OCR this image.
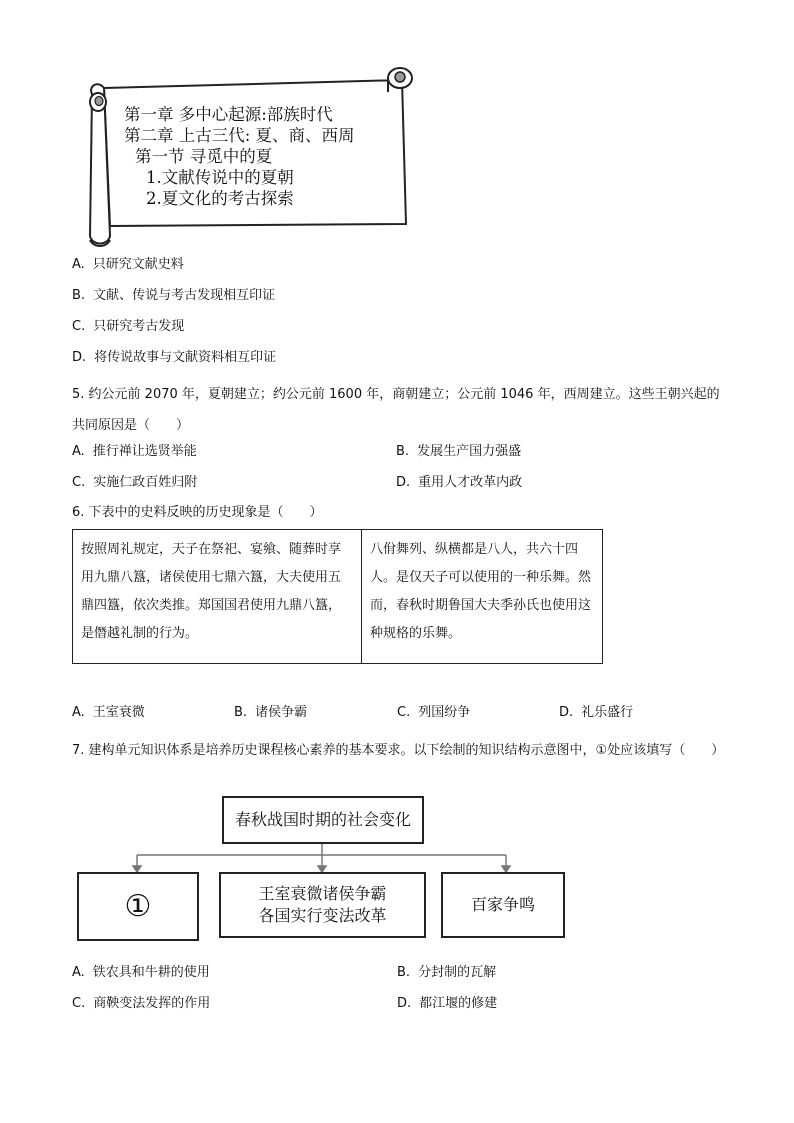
第一章 多中心起源:部族时代
第二章 上古三代: 夏、商、西周
第一节 寻觅中的夏
1.文献传说中的夏朝
2.夏文化的考古探索
A. 只研究文献史料
B. 文献、传说与考古发现相互印证
C. 只研究考古发现
D. 将传说故事与文献资料相互印证
5. 约公元前 2070 年，夏朝建立；约公元前 1600 年，商朝建立；公元前 1046 年，西周建立。这些王朝兴起的共同原因是（　　）
A. 推行禅让选贤举能	B. 发展生产国力强盛
C. 实施仁政百姓归附	D. 重用人才改革内政
6. 下表中的史料反映的历史现象是（　　）
按照周礼规定，天子在祭祀、宴飨、随葬时享用九鼎八簋，诸侯使用七鼎六簋，大夫使用五鼎四簋，依次类推。郑国国君使用九鼎八簋，是僭越礼制的行为。	八佾舞列、纵横都是八人，共六十四人。是仅天子可以使用的一种乐舞。然而，春秋时期鲁国大夫季孙氏也使用这种规格的乐舞。
A. 王室衰微	B. 诸侯争霸	C. 列国纷争	D. 礼乐盛行
7. 建构单元知识体系是培养历史课程核心素养的基本要求。以下绘制的知识结构示意图中，①处应该填写（　　）
春秋战国时期的社会变化
①	王室衰微诸侯争霸
各国实行变法改革
百家争鸣
A. 铁农具和牛耕的使用	B. 分封制的瓦解
C. 商鞅变法发挥的作用	D. 都江堰的修建
